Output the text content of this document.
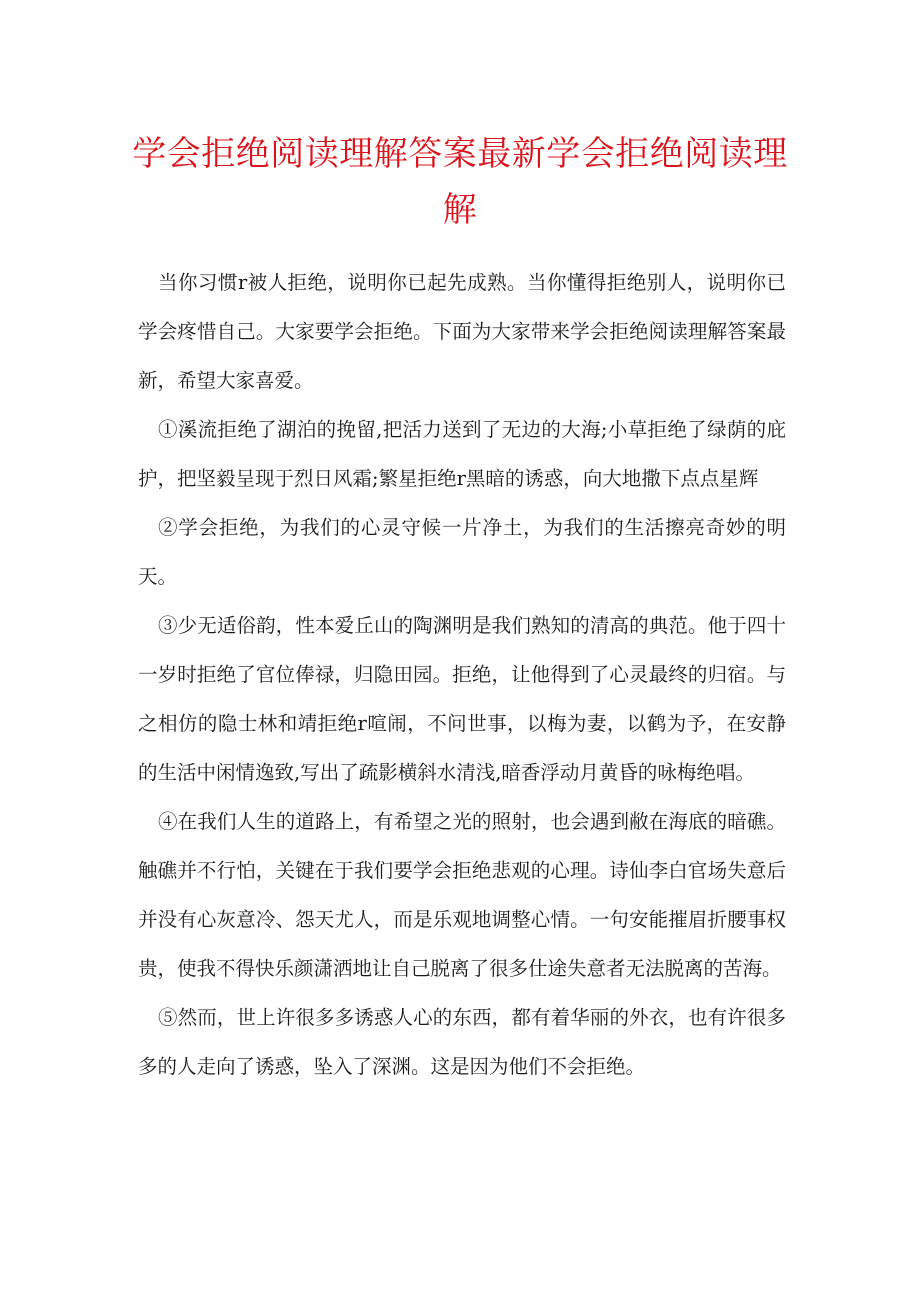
学会拒绝阅读理解答案最新学会拒绝阅读理解

当你习惯r被人拒绝，说明你已起先成熟。当你懂得拒绝别人，说明你已学会疼惜自己。大家要学会拒绝。下面为大家带来学会拒绝阅读理解答案最新，希望大家喜爱。

①溪流拒绝了湖泊的挽留,把活力送到了无边的大海;小草拒绝了绿荫的庇护，把坚毅呈现于烈日风霜;繁星拒绝r黑暗的诱惑，向大地撒下点点星辉

②学会拒绝，为我们的心灵守候一片净土，为我们的生活擦亮奇妙的明天。

③少无适俗韵，性本爱丘山的陶渊明是我们熟知的清高的典范。他于四十一岁时拒绝了官位俸禄，归隐田园。拒绝，让他得到了心灵最终的归宿。与之相仿的隐士林和靖拒绝r喧闹，不问世事，以梅为妻，以鹤为予，在安静的生活中闲情逸致,写出了疏影横斜水清浅,暗香浮动月黄昏的咏梅绝唱。

④在我们人生的道路上，有希望之光的照射，也会遇到敝在海底的暗礁。触礁并不行怕，关键在于我们要学会拒绝悲观的心理。诗仙李白官场失意后并没有心灰意冷、怨天尤人，而是乐观地调整心情。一句安能摧眉折腰事权贵，使我不得快乐颜潇洒地让自己脱离了很多仕途失意者无法脱离的苦海。

⑤然而，世上许很多多诱惑人心的东西，都有着华丽的外衣，也有许很多多的人走向了诱惑，坠入了深渊。这是因为他们不会拒绝。
